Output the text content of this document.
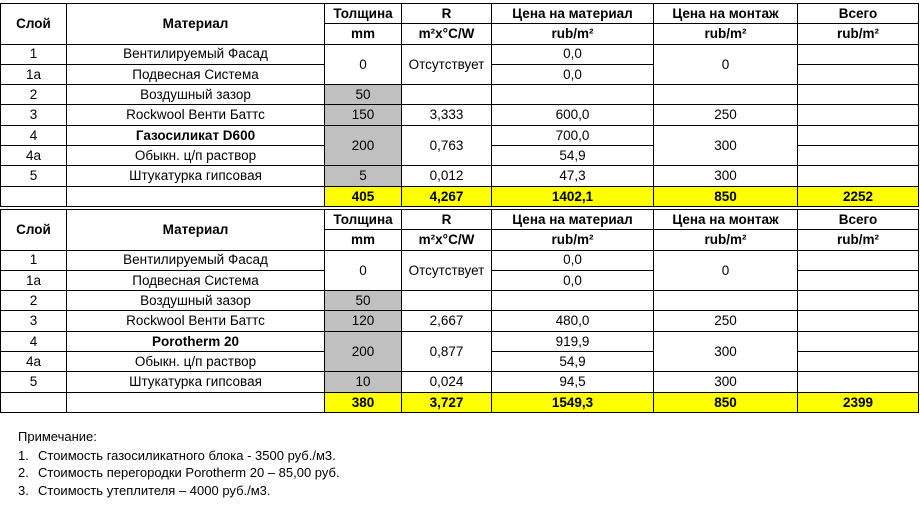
Слой	Материал	Толщина	R	Цена на материал	Цена на монтаж	Всего
		mm	m²x°C/W	rub/m²	rub/m²	rub/m²
1	Вентилируемый Фасад	0	Отсутствует	0,0	0	
1а	Подвесная Система			0,0		
2	Воздушный зазор	50				
3	Rockwool Венти Баттс	150	3,333	600,0	250	
4	Газосиликат D600	200	0,763	700,0	300	
4а	Обыкн. ц/п раствор			54,9		
5	Штукатурка гипсовая	5	0,012	47,3	300	
		405	4,267	1402,1	850	2252
Слой	Материал	Толщина	R	Цена на материал	Цена на монтаж	Всего
		mm	m²x°C/W	rub/m²	rub/m²	rub/m²
1	Вентилируемый Фасад	0	Отсутствует	0,0	0	
1а	Подвесная Система			0,0		
2	Воздушный зазор	50				
3	Rockwool Венти Баттс	120	2,667	480,0	250	
4	Porotherm 20	200	0,877	919,9	300	
4а	Обыкн. ц/п раствор			54,9		
5	Штукатурка гипсовая	10	0,024	94,5	300	
		380	3,727	1549,3	850	2399
Примечание:
1. Стоимость газосиликатного блока - 3500 руб./м3.
2. Стоимость перегородки Porotherm 20 – 85,00 руб.
3. Стоимость утеплителя – 4000 руб./м3.
